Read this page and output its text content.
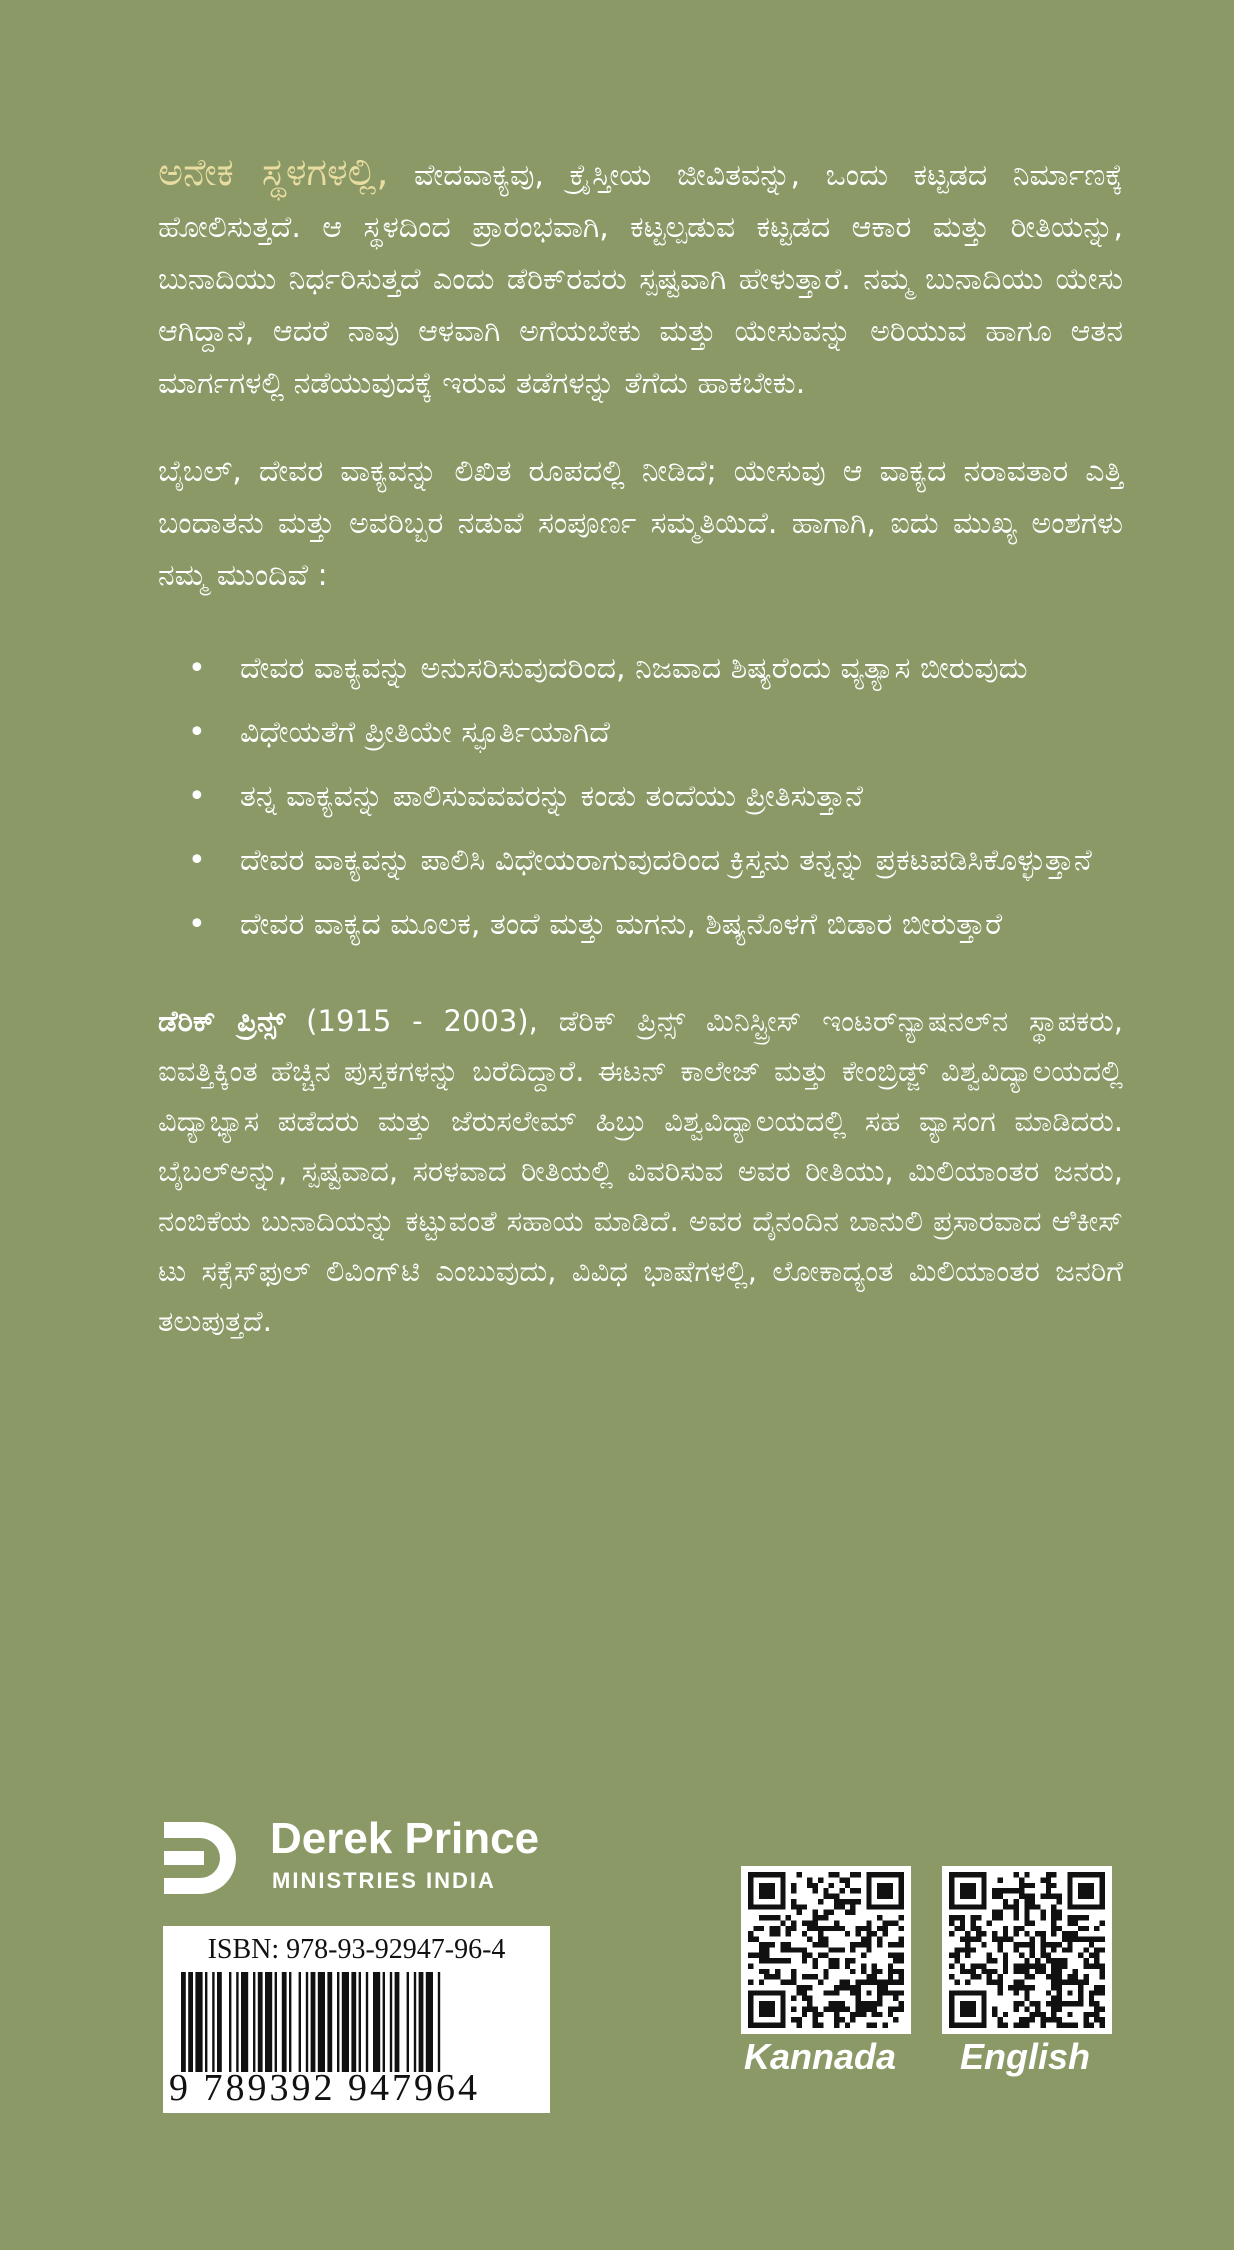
ಅನೇಕ ಸ್ಥಳಗಳಲ್ಲಿ, ವೇದವಾಕ್ಯವು, ಕ್ರೈಸ್ತೀಯ ಜೀವಿತವನ್ನು, ಒಂದು ಕಟ್ಟಡದ ನಿರ್ಮಾಣಕ್ಕೆ ಹೋಲಿಸುತ್ತದೆ. ಆ ಸ್ಥಳದಿಂದ ಪ್ರಾರಂಭವಾಗಿ, ಕಟ್ಟಲ್ಪಡುವ ಕಟ್ಟಡದ ಆಕಾರ ಮತ್ತು ರೀತಿಯನ್ನು, ಬುನಾದಿಯು ನಿರ್ಧರಿಸುತ್ತದೆ ಎಂದು ಡೆರಿಕ್‌ರವರು ಸ್ಪಷ್ಟವಾಗಿ ಹೇಳುತ್ತಾರೆ. ನಮ್ಮ ಬುನಾದಿಯು ಯೇಸು ಆಗಿದ್ದಾನೆ, ಆದರೆ ನಾವು ಆಳವಾಗಿ ಅಗೆಯಬೇಕು ಮತ್ತು ಯೇಸುವನ್ನು ಅರಿಯುವ ಹಾಗೂ ಆತನ ಮಾರ್ಗಗಳಲ್ಲಿ ನಡೆಯುವುದಕ್ಕೆ ಇರುವ ತಡೆಗಳನ್ನು ತೆಗೆದು ಹಾಕಬೇಕು.

ಬೈಬಲ್, ದೇವರ ವಾಕ್ಯವನ್ನು ಲಿಖಿತ ರೂಪದಲ್ಲಿ ನೀಡಿದೆ; ಯೇಸುವು ಆ ವಾಕ್ಯದ ನರಾವತಾರ ಎತ್ತಿ ಬಂದಾತನು ಮತ್ತು ಅವರಿಬ್ಬರ ನಡುವೆ ಸಂಪೂರ್ಣ ಸಮ್ಮತಿಯಿದೆ. ಹಾಗಾಗಿ, ಐದು ಮುಖ್ಯ ಅಂಶಗಳು ನಮ್ಮ ಮುಂದಿವೆ :

• ದೇವರ ವಾಕ್ಯವನ್ನು ಅನುಸರಿಸುವುದರಿಂದ, ನಿಜವಾದ ಶಿಷ್ಯರೆಂದು ವ್ಯತ್ಯಾಸ ಬೀರುವುದು
• ವಿಧೇಯತೆಗೆ ಪ್ರೀತಿಯೇ ಸ್ಫೂರ್ತಿಯಾಗಿದೆ
• ತನ್ನ ವಾಕ್ಯವನ್ನು ಪಾಲಿಸುವವವರನ್ನು ಕಂಡು ತಂದೆಯು ಪ್ರೀತಿಸುತ್ತಾನೆ
• ದೇವರ ವಾಕ್ಯವನ್ನು ಪಾಲಿಸಿ ವಿಧೇಯರಾಗುವುದರಿಂದ ಕ್ರಿಸ್ತನು ತನ್ನನ್ನು ಪ್ರಕಟಪಡಿಸಿಕೊಳ್ಳುತ್ತಾನೆ
• ದೇವರ ವಾಕ್ಯದ ಮೂಲಕ, ತಂದೆ ಮತ್ತು ಮಗನು, ಶಿಷ್ಯನೊಳಗೆ ಬಿಡಾರ ಬೀರುತ್ತಾರೆ

ಡೆರಿಕ್ ಪ್ರಿನ್ಸ್ (1915 - 2003), ಡೆರಿಕ್ ಪ್ರಿನ್ಸ್ ಮಿನಿಸ್ಟ್ರೀಸ್ ಇಂಟರ್‌ನ್ಯಾಷನಲ್‌ನ ಸ್ಥಾಪಕರು, ಐವತ್ತಿಕ್ಕಿಂತ ಹೆಚ್ಚಿನ ಪುಸ್ತಕಗಳನ್ನು ಬರೆದಿದ್ದಾರೆ. ಈಟನ್ ಕಾಲೇಜ್ ಮತ್ತು ಕೇಂಬ್ರಿಡ್ಜ್ ವಿಶ್ವವಿದ್ಯಾಲಯದಲ್ಲಿ ವಿದ್ಯಾಭ್ಯಾಸ ಪಡೆದರು ಮತ್ತು ಜೆರುಸಲೇಮ್ ಹಿಬ್ರು ವಿಶ್ವವಿದ್ಯಾಲಯದಲ್ಲಿ ಸಹ ವ್ಯಾಸಂಗ ಮಾಡಿದರು. ಬೈಬಲ್‌ಅನ್ನು, ಸ್ಪಷ್ಟವಾದ, ಸರಳವಾದ ರೀತಿಯಲ್ಲಿ ವಿವರಿಸುವ ಅವರ ರೀತಿಯು, ಮಿಲಿಯಾಂತರ ಜನರು, ನಂಬಿಕೆಯ ಬುನಾದಿಯನ್ನು ಕಟ್ಟುವಂತೆ ಸಹಾಯ ಮಾಡಿದೆ. ಅವರ ದೈನಂದಿನ ಬಾನುಲಿ ಪ್ರಸಾರವಾದ ಆಿಕೀಸ್ ಟು ಸಕ್ಸೆಸ್‌ಫುಲ್ ಲಿವಿಂಗ್‌ಟಿ ಎಂಬುವುದು, ವಿವಿಧ ಭಾಷೆಗಳಲ್ಲಿ, ಲೋಕಾದ್ಯಂತ ಮಿಲಿಯಾಂತರ ಜನರಿಗೆ ತಲುಪುತ್ತದೆ.

Derek Prince
MINISTRIES INDIA
ISBN: 978-93-92947-96-4
9 789392 947964
Kannada English
